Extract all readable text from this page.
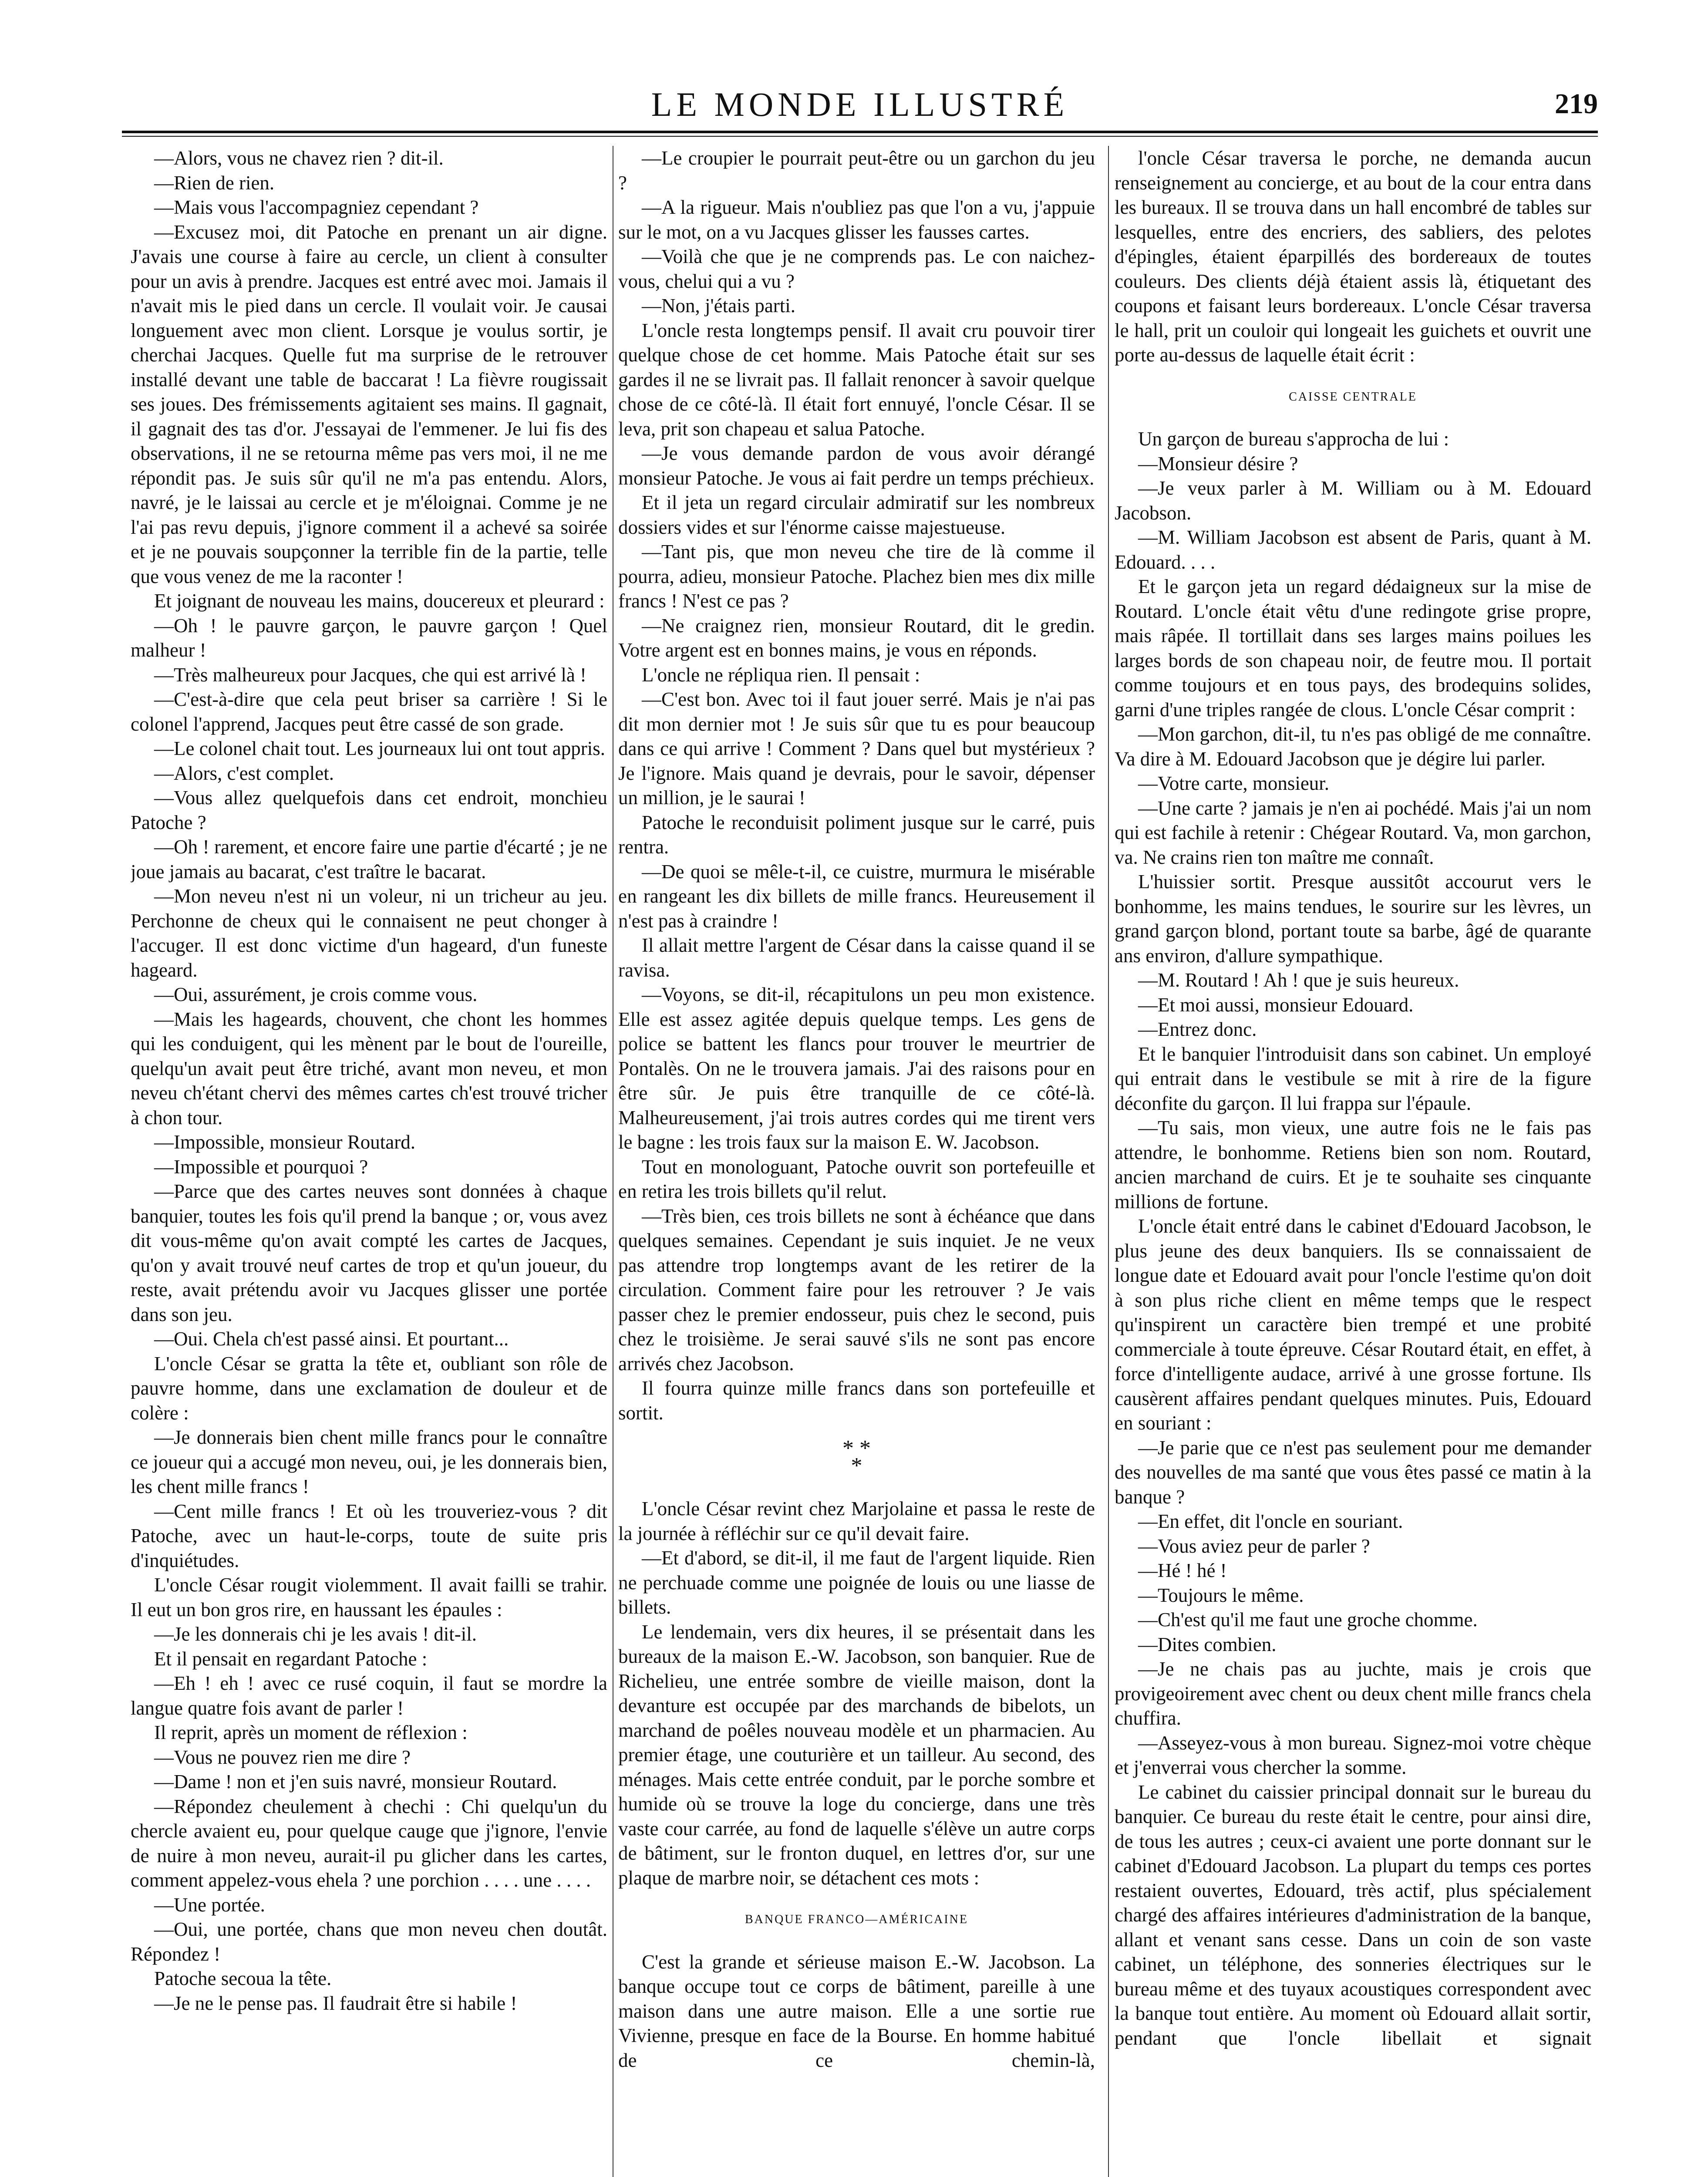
LE MONDE ILLUSTRÉ	219

—Alors, vous ne chavez rien ? dit-il.

—Rien de rien.

—Mais vous l'accompagniez cependant ?

—Excusez moi, dit Patoche en prenant un air digne. J'avais une course à faire au cercle, un client à consulter pour un avis à prendre. Jacques est entré avec moi. Jamais il n'avait mis le pied dans un cercle. Il voulait voir. Je causai longuement avec mon client. Lorsque je voulus sortir, je cherchai Jacques. Quelle fut ma surprise de le retrouver installé devant une table de baccarat ! La fièvre rougissait ses joues. Des frémissements agitaient ses mains. Il gagnait, il gagnait des tas d'or. J'essayai de l'emmener. Je lui fis des observations, il ne se retourna même pas vers moi, il ne me répondit pas. Je suis sûr qu'il ne m'a pas entendu. Alors, navré, je le laissai au cercle et je m'éloignai. Comme je ne l'ai pas revu depuis, j'ignore comment il a achevé sa soirée et je ne pouvais soupçonner la terrible fin de la partie, telle que vous venez de me la raconter !

Et joignant de nouveau les mains, doucereux et pleurard :

—Oh ! le pauvre garçon, le pauvre garçon ! Quel malheur !

—Très malheureux pour Jacques, che qui est arrivé là !

—C'est-à-dire que cela peut briser sa carrière ! Si le colonel l'apprend, Jacques peut être cassé de son grade.

—Le colonel chait tout. Les journeaux lui ont tout appris.

—Alors, c'est complet.

—Vous allez quelquefois dans cet endroit, monchieu Patoche ?

—Oh ! rarement, et encore faire une partie d'écarté ; je ne joue jamais au bacarat, c'est traître le bacarat.

—Mon neveu n'est ni un voleur, ni un tricheur au jeu. Perchonne de cheux qui le connaisent ne peut chonger à l'accuger. Il est donc victime d'un hageard, d'un funeste hageard.

—Oui, assurément, je crois comme vous.

—Mais les hageards, chouvent, che chont les hommes qui les conduigent, qui les mènent par le bout de l'oureille, quelqu'un avait peut être triché, avant mon neveu, et mon neveu ch'étant chervi des mêmes cartes ch'est trouvé tricher à chon tour.

—Impossible, monsieur Routard.

—Impossible et pourquoi ?

—Parce que des cartes neuves sont données à chaque banquier, toutes les fois qu'il prend la banque ; or, vous avez dit vous-même qu'on avait compté les cartes de Jacques, qu'on y avait trouvé neuf cartes de trop et qu'un joueur, du reste, avait prétendu avoir vu Jacques glisser une portée dans son jeu.

—Oui. Chela ch'est passé ainsi. Et pourtant...

L'oncle César se gratta la tête et, oubliant son rôle de pauvre homme, dans une exclamation de douleur et de colère :

—Je donnerais bien chent mille francs pour le connaître ce joueur qui a accugé mon neveu, oui, je les donnerais bien, les chent mille francs !

—Cent mille francs ! Et où les trouveriez-vous ? dit Patoche, avec un haut-le-corps, toute de suite pris d'inquiétudes.

L'oncle César rougit violemment. Il avait failli se trahir. Il eut un bon gros rire, en haussant les épaules :

—Je les donnerais chi je les avais ! dit-il.

Et il pensait en regardant Patoche :

—Eh ! eh ! avec ce rusé coquin, il faut se mordre la langue quatre fois avant de parler !

Il reprit, après un moment de réflexion :

—Vous ne pouvez rien me dire ?

—Dame ! non et j'en suis navré, monsieur Routard.

—Répondez cheulement à chechi : Chi quelqu'un du chercle avaient eu, pour quelque cauge que j'ignore, l'envie de nuire à mon neveu, aurait-il pu glicher dans les cartes, comment appelez-vous ehela ? une porchion . . . . une . . . .

—Une portée.

—Oui, une portée, chans que mon neveu chen doutât. Répondez !

Patoche secoua la tête.

—Je ne le pense pas. Il faudrait être si habile !

—Le croupier le pourrait peut-être ou un garchon du jeu ?

—A la rigueur. Mais n'oubliez pas que l'on a vu, j'appuie sur le mot, on a vu Jacques glisser les fausses cartes.

—Voilà che que je ne comprends pas. Le con naichez-vous, chelui qui a vu ?

—Non, j'étais parti.

L'oncle resta longtemps pensif. Il avait cru pouvoir tirer quelque chose de cet homme. Mais Patoche était sur ses gardes il ne se livrait pas. Il fallait renoncer à savoir quelque chose de ce côté-là. Il était fort ennuyé, l'oncle César. Il se leva, prit son chapeau et salua Patoche.

—Je vous demande pardon de vous avoir dérangé monsieur Patoche. Je vous ai fait perdre un temps préchieux.

Et il jeta un regard circulair admiratif sur les nombreux dossiers vides et sur l'énorme caisse majestueuse.

—Tant pis, que mon neveu che tire de là comme il pourra, adieu, monsieur Patoche. Plachez bien mes dix mille francs ! N'est ce pas ?

—Ne craignez rien, monsieur Routard, dit le gredin. Votre argent est en bonnes mains, je vous en réponds.

L'oncle ne répliqua rien. Il pensait :

—C'est bon. Avec toi il faut jouer serré. Mais je n'ai pas dit mon dernier mot ! Je suis sûr que tu es pour beaucoup dans ce qui arrive ! Comment ? Dans quel but mystérieux ? Je l'ignore. Mais quand je devrais, pour le savoir, dépenser un million, je le saurai !

Patoche le reconduisit poliment jusque sur le carré, puis rentra.

—De quoi se mêle-t-il, ce cuistre, murmura le misérable en rangeant les dix billets de mille francs. Heureusement il n'est pas à craindre !

Il allait mettre l'argent de César dans la caisse quand il se ravisa.

—Voyons, se dit-il, récapitulons un peu mon existence. Elle est assez agitée depuis quelque temps. Les gens de police se battent les flancs pour trouver le meurtrier de Pontalès. On ne le trouvera jamais. J'ai des raisons pour en être sûr. Je puis être tranquille de ce côté-là. Malheureusement, j'ai trois autres cordes qui me tirent vers le bagne : les trois faux sur la maison E. W. Jacobson.

Tout en monologuant, Patoche ouvrit son portefeuille et en retira les trois billets qu'il relut.

—Très bien, ces trois billets ne sont à échéance que dans quelques semaines. Cependant je suis inquiet. Je ne veux pas attendre trop longtemps avant de les retirer de la circulation. Comment faire pour les retrouver ? Je vais passer chez le premier endosseur, puis chez le second, puis chez le troisième. Je serai sauvé s'ils ne sont pas encore arrivés chez Jacobson.

Il fourra quinze mille francs dans son portefeuille et sortit.

* *
*

L'oncle César revint chez Marjolaine et passa le reste de la journée à réfléchir sur ce qu'il devait faire.

—Et d'abord, se dit-il, il me faut de l'argent liquide. Rien ne perchuade comme une poignée de louis ou une liasse de billets.

Le lendemain, vers dix heures, il se présentait dans les bureaux de la maison E.-W. Jacobson, son banquier. Rue de Richelieu, une entrée sombre de vieille maison, dont la devanture est occupée par des marchands de bibelots, un marchand de poêles nouveau modèle et un pharmacien. Au premier étage, une couturière et un tailleur. Au second, des ménages. Mais cette entrée conduit, par le porche sombre et humide où se trouve la loge du concierge, dans une très vaste cour carrée, au fond de laquelle s'élève un autre corps de bâtiment, sur le fronton duquel, en lettres d'or, sur une plaque de marbre noir, se détachent ces mots :

BANQUE FRANCO—AMÉRICAINE

C'est la grande et sérieuse maison E.-W. Jacobson. La banque occupe tout ce corps de bâtiment, pareille à une maison dans une autre maison. Elle a une sortie rue Vivienne, presque en face de la Bourse. En homme habitué de ce chemin-là,

l'oncle César traversa le porche, ne demanda aucun renseignement au concierge, et au bout de la cour entra dans les bureaux. Il se trouva dans un hall encombré de tables sur lesquelles, entre des encriers, des sabliers, des pelotes d'épingles, étaient éparpillés des bordereaux de toutes couleurs. Des clients déjà étaient assis là, étiquetant des coupons et faisant leurs bordereaux. L'oncle César traversa le hall, prit un couloir qui longeait les guichets et ouvrit une porte au-dessus de laquelle était écrit :

CAISSE CENTRALE

Un garçon de bureau s'approcha de lui :

—Monsieur désire ?

—Je veux parler à M. William ou à M. Edouard Jacobson.

—M. William Jacobson est absent de Paris, quant à M. Edouard. . . .

Et le garçon jeta un regard dédaigneux sur la mise de Routard. L'oncle était vêtu d'une redingote grise propre, mais râpée. Il tortillait dans ses larges mains poilues les larges bords de son chapeau noir, de feutre mou. Il portait comme toujours et en tous pays, des brodequins solides, garni d'une triples rangée de clous. L'oncle César comprit :

—Mon garchon, dit-il, tu n'es pas obligé de me connaître. Va dire à M. Edouard Jacobson que je dégire lui parler.

—Votre carte, monsieur.

—Une carte ? jamais je n'en ai pochédé. Mais j'ai un nom qui est fachile à retenir : Chégear Routard. Va, mon garchon, va. Ne crains rien ton maître me connaît.

L'huissier sortit. Presque aussitôt accourut vers le bonhomme, les mains tendues, le sourire sur les lèvres, un grand garçon blond, portant toute sa barbe, âgé de quarante ans environ, d'allure sympathique.

—M. Routard ! Ah ! que je suis heureux.

—Et moi aussi, monsieur Edouard.

—Entrez donc.

Et le banquier l'introduisit dans son cabinet. Un employé qui entrait dans le vestibule se mit à rire de la figure déconfite du garçon. Il lui frappa sur l'épaule.

—Tu sais, mon vieux, une autre fois ne le fais pas attendre, le bonhomme. Retiens bien son nom. Routard, ancien marchand de cuirs. Et je te souhaite ses cinquante millions de fortune.

L'oncle était entré dans le cabinet d'Edouard Jacobson, le plus jeune des deux banquiers. Ils se connaissaient de longue date et Edouard avait pour l'oncle l'estime qu'on doit à son plus riche client en même temps que le respect qu'inspirent un caractère bien trempé et une probité commerciale à toute épreuve. César Routard était, en effet, à force d'intelligente audace, arrivé à une grosse fortune. Ils causèrent affaires pendant quelques minutes. Puis, Edouard en souriant :

—Je parie que ce n'est pas seulement pour me demander des nouvelles de ma santé que vous êtes passé ce matin à la banque ?

—En effet, dit l'oncle en souriant.

—Vous aviez peur de parler ?

—Hé ! hé !

—Toujours le même.

—Ch'est qu'il me faut une groche chomme.

—Dites combien.

—Je ne chais pas au juchte, mais je crois que provigeoirement avec chent ou deux chent mille francs chela chuffira.

—Asseyez-vous à mon bureau. Signez-moi votre chèque et j'enverrai vous chercher la somme.

Le cabinet du caissier principal donnait sur le bureau du banquier. Ce bureau du reste était le centre, pour ainsi dire, de tous les autres ; ceux-ci avaient une porte donnant sur le cabinet d'Edouard Jacobson. La plupart du temps ces portes restaient ouvertes, Edouard, très actif, plus spécialement chargé des affaires intérieures d'administration de la banque, allant et venant sans cesse. Dans un coin de son vaste cabinet, un téléphone, des sonneries électriques sur le bureau même et des tuyaux acoustiques correspondent avec la banque tout entière. Au moment où Edouard allait sortir, pendant que l'oncle libellait et signait
